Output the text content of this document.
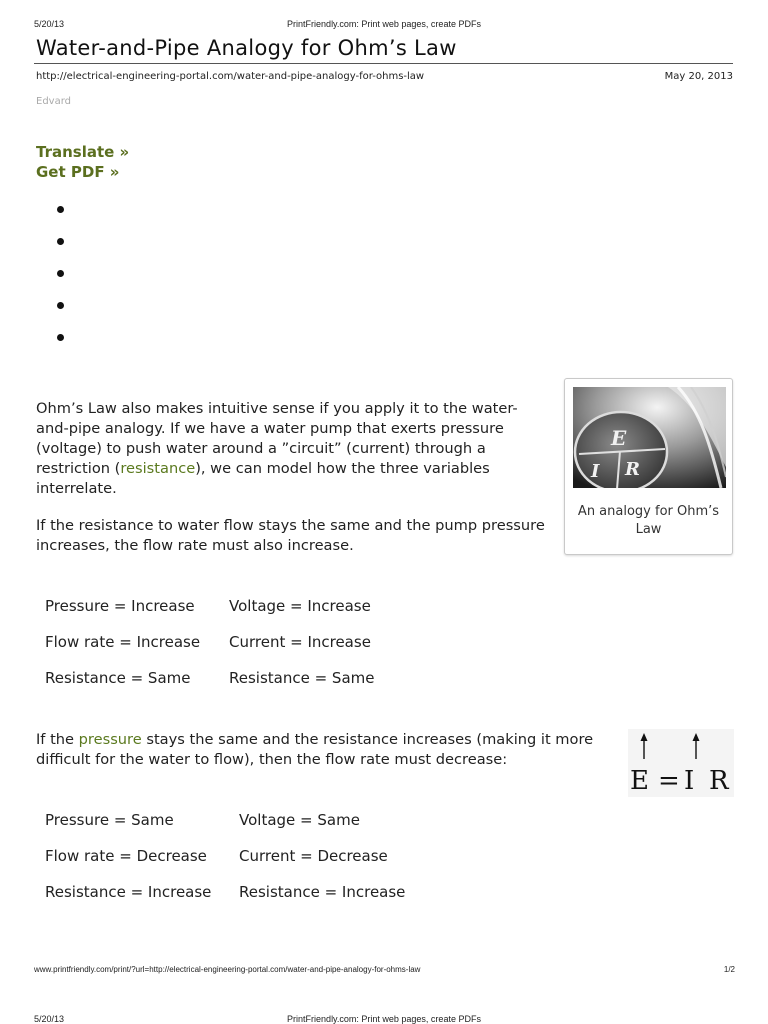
5/20/13	PrintFriendly.com: Print web pages, create PDFs
Water-and-Pipe Analogy for Ohm’s Law
http://electrical-engineering-portal.com/water-and-pipe-analogy-for-ohms-law	May 20, 2013
Edvard
Translate »
Get PDF »
Ohm’s Law also makes intuitive sense if you apply it to the water-and-pipe analogy. If we have a water pump that exerts pressure (voltage) to push water around a ”circuit” (current) through a restriction (resistance), we can model how the three variables interrelate.
If the resistance to water flow stays the same and the pump pressure increases, the flow rate must also increase.
Pressure = Increase Voltage = Increase
Flow rate = Increase Current = Increase
Resistance = Same	Resistance = Same
If the pressure stays the same and the resistance increases (making it more difficult for the water to flow), then the flow rate must decrease:
Pressure = Same	Voltage = Same
Flow rate = Decrease Current = Decrease
Resistance = Increase Resistance = Increase
E
I R
An analogy for Ohm’s Law
E = I R
www.printfriendly.com/print/?url=http://electrical-engineering-portal.com/water-and-pipe-analogy-for-ohms-law	1/2
5/20/13	PrintFriendly.com: Print web pages, create PDFs
